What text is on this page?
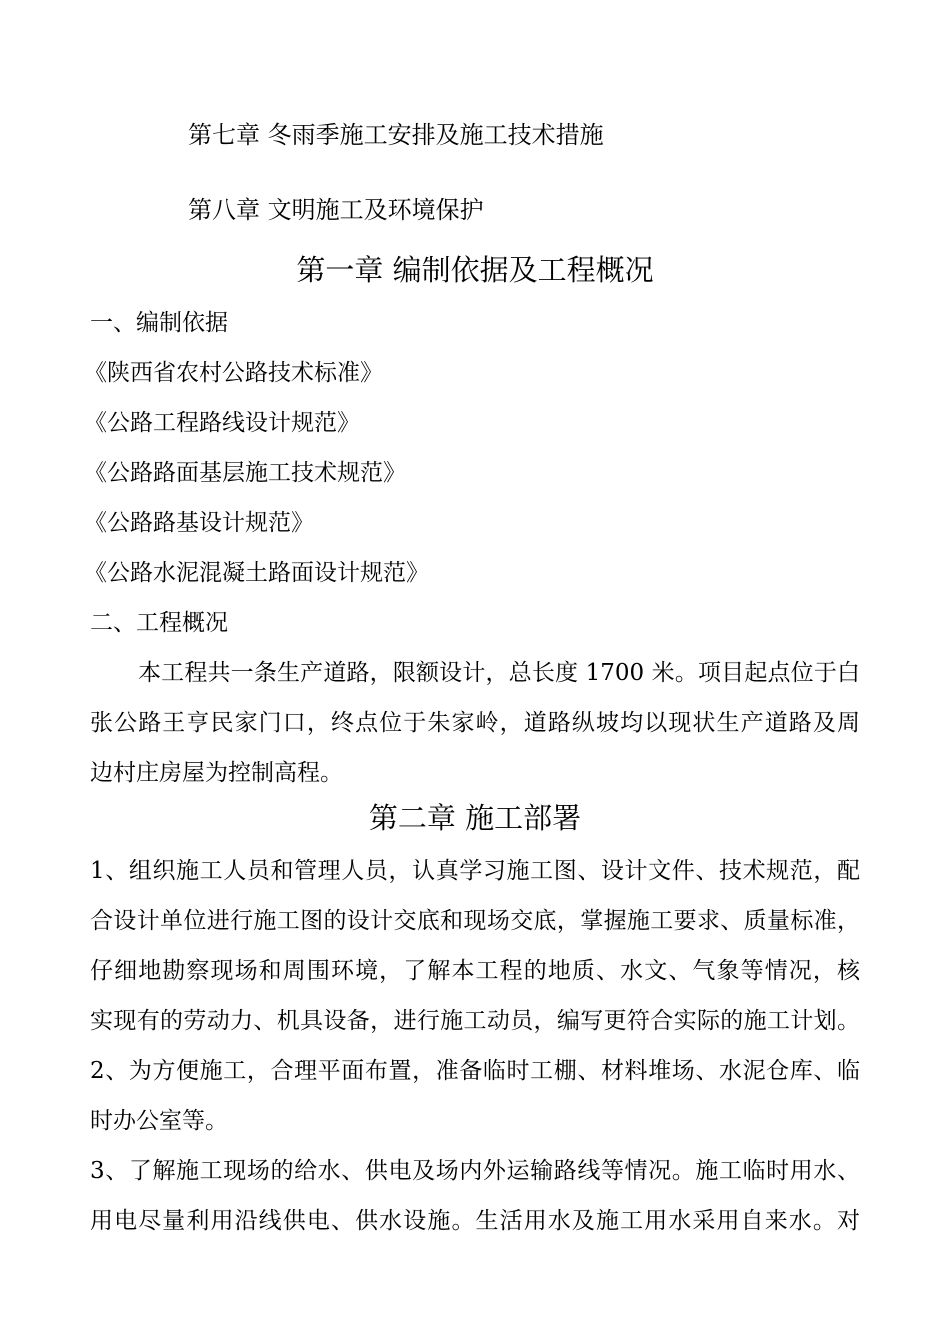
第七章 冬雨季施工安排及施工技术措施
第八章 文明施工及环境保护
第一章 编制依据及工程概况
一、编制依据
《陕西省农村公路技术标准》
《公路工程路线设计规范》
《公路路面基层施工技术规范》
《公路路基设计规范》
《公路水泥混凝土路面设计规范》
二、工程概况
本工程共一条生产道路，限额设计，总长度 1700 米。项目起点位于白
张公路王亨民家门口，终点位于朱家岭，道路纵坡均以现状生产道路及周
边村庄房屋为控制高程。
第二章 施工部署
1、组织施工人员和管理人员，认真学习施工图、设计文件、技术规范，配
合设计单位进行施工图的设计交底和现场交底，掌握施工要求、质量标准，
仔细地勘察现场和周围环境，了解本工程的地质、水文、气象等情况，核
实现有的劳动力、机具设备，进行施工动员，编写更符合实际的施工计划。
2、为方便施工，合理平面布置，准备临时工棚、材料堆场、水泥仓库、临
时办公室等。
3、了解施工现场的给水、供电及场内外运输路线等情况。施工临时用水、
用电尽量利用沿线供电、供水设施。生活用水及施工用水采用自来水。对
